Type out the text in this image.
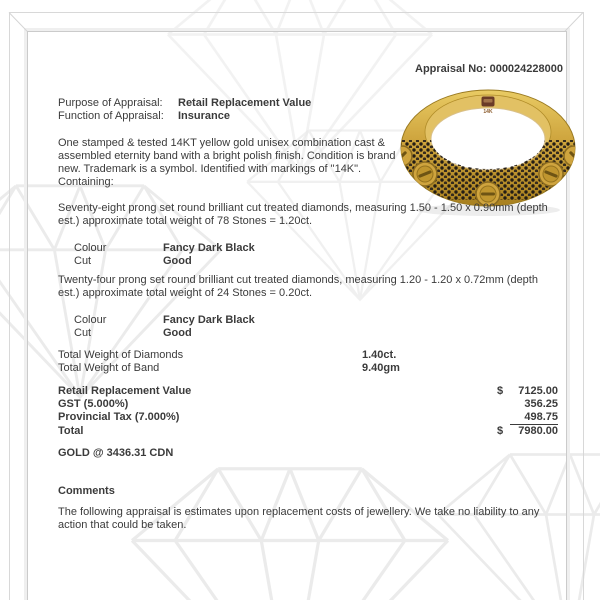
Appraisal No: 000024228000
Purpose of Appraisal: Retail Replacement Value
Function of Appraisal: Insurance	14K
One stamped & tested 14KT yellow gold unisex combination cast & assembled eternity band with a bright polish finish. Condition is brand new. Trademark is a symbol. Identified with markings of "14K". Containing:
Seventy-eight prong set round brilliant cut treated diamonds, measuring 1.50 - 1.50 x 0.90mm (depth est.) approximate total weight of 78 Stones = 1.20ct.
Colour	Fancy Dark Black
Cut	Good
Twenty-four prong set round brilliant cut treated diamonds, measuring 1.20 - 1.20 x 0.72mm (depth est.) approximate total weight of 24 Stones = 0.20ct.
Colour	Fancy Dark Black
Cut	Good
Total Weight of Diamonds	1.40ct.
Total Weight of Band	9.40gm
Retail Replacement Value	$	7125.00
GST (5.000%)	356.25
Provincial Tax (7.000%)	498.75
Total	$	7980.00
GOLD @ 3436.31 CDN
Comments
The following appraisal is estimates upon replacement costs of jewellery. We take no liability to any action that could be taken.
